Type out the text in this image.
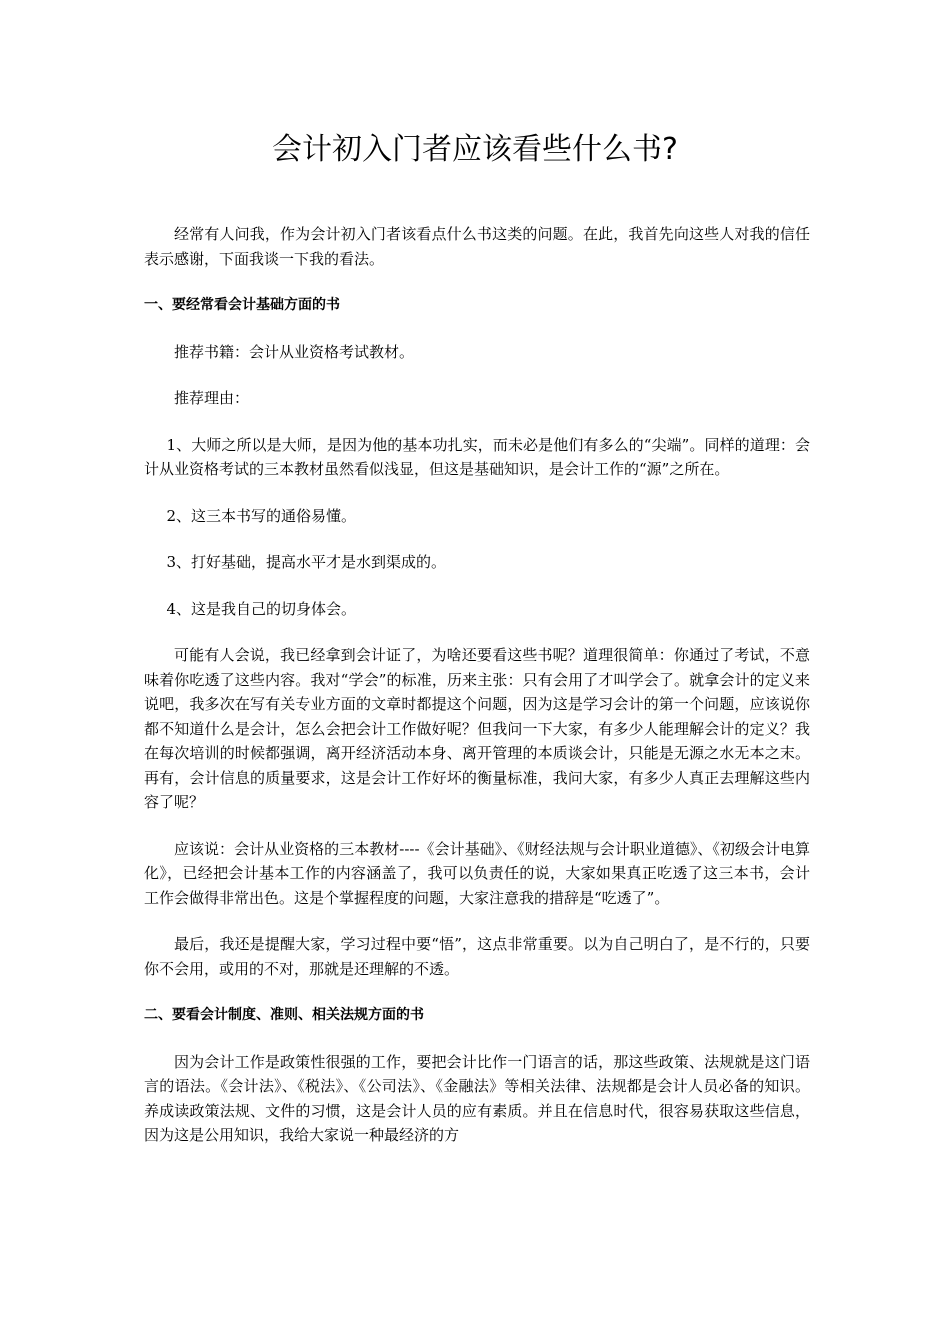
会计初入门者应该看些什么书?

经常有人问我，作为会计初入门者该看点什么书这类的问题。在此，我首先向这些人对我的信任表示感谢，下面我谈一下我的看法。

一、要经常看会计基础方面的书

推荐书籍：会计从业资格考试教材。

推荐理由：

1、大师之所以是大师，是因为他的基本功扎实，而未必是他们有多么的“尖端”。同样的道理：会计从业资格考试的三本教材虽然看似浅显，但这是基础知识，是会计工作的“源”之所在。

2、这三本书写的通俗易懂。

3、打好基础，提高水平才是水到渠成的。

4、这是我自己的切身体会。

可能有人会说，我已经拿到会计证了，为啥还要看这些书呢？道理很简单：你通过了考试，不意味着你吃透了这些内容。我对“学会”的标准，历来主张：只有会用了才叫学会了。就拿会计的定义来说吧，我多次在写有关专业方面的文章时都提这个问题，因为这是学习会计的第一个问题，应该说你都不知道什么是会计，怎么会把会计工作做好呢？但我问一下大家，有多少人能理解会计的定义？我在每次培训的时候都强调，离开经济活动本身、离开管理的本质谈会计，只能是无源之水无本之末。再有，会计信息的质量要求，这是会计工作好坏的衡量标准，我问大家，有多少人真正去理解这些内容了呢？

应该说：会计从业资格的三本教材----《会计基础》、《财经法规与会计职业道德》、《初级会计电算化》，已经把会计基本工作的内容涵盖了，我可以负责任的说，大家如果真正吃透了这三本书，会计工作会做得非常出色。这是个掌握程度的问题，大家注意我的措辞是“吃透了”。

最后，我还是提醒大家，学习过程中要“悟”，这点非常重要。以为自己明白了，是不行的，只要你不会用，或用的不对，那就是还理解的不透。

二、要看会计制度、准则、相关法规方面的书

因为会计工作是政策性很强的工作，要把会计比作一门语言的话，那这些政策、法规就是这门语言的语法。《会计法》、《税法》、《公司法》、《金融法》等相关法律、法规都是会计人员必备的知识。养成读政策法规、文件的习惯，这是会计人员的应有素质。并且在信息时代，很容易获取这些信息，因为这是公用知识，我给大家说一种最经济的方
